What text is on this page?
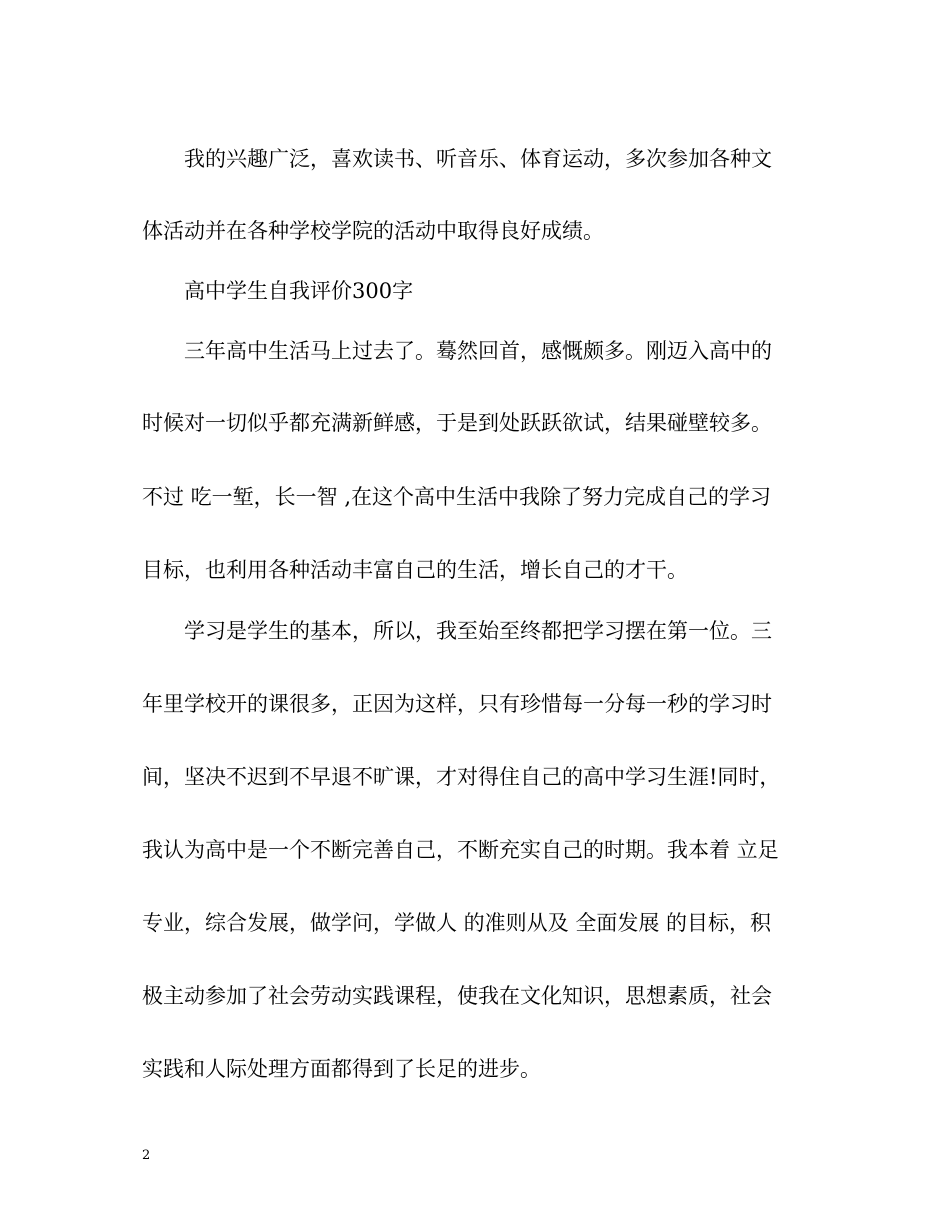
　　我的兴趣广泛，喜欢读书、听音乐、体育运动，多次参加各种文
体活动并在各种学校学院的活动中取得良好成绩。
　　高中学生自我评价300字
　　三年高中生活马上过去了。蓦然回首，感慨颇多。刚迈入高中的
时候对一切似乎都充满新鲜感，于是到处跃跃欲试，结果碰壁较多。
不过 吃一堑，长一智 ,在这个高中生活中我除了努力完成自己的学习
目标，也利用各种活动丰富自己的生活，增长自己的才干。
　　学习是学生的基本，所以，我至始至终都把学习摆在第一位。三
年里学校开的课很多，正因为这样，只有珍惜每一分每一秒的学习时
间，坚决不迟到不早退不旷课，才对得住自己的高中学习生涯!同时，
我认为高中是一个不断完善自己，不断充实自己的时期。我本着 立足
专业，综合发展，做学问，学做人 的准则从及 全面发展 的目标，积
极主动参加了社会劳动实践课程，使我在文化知识，思想素质，社会
实践和人际处理方面都得到了长足的进步。
2
